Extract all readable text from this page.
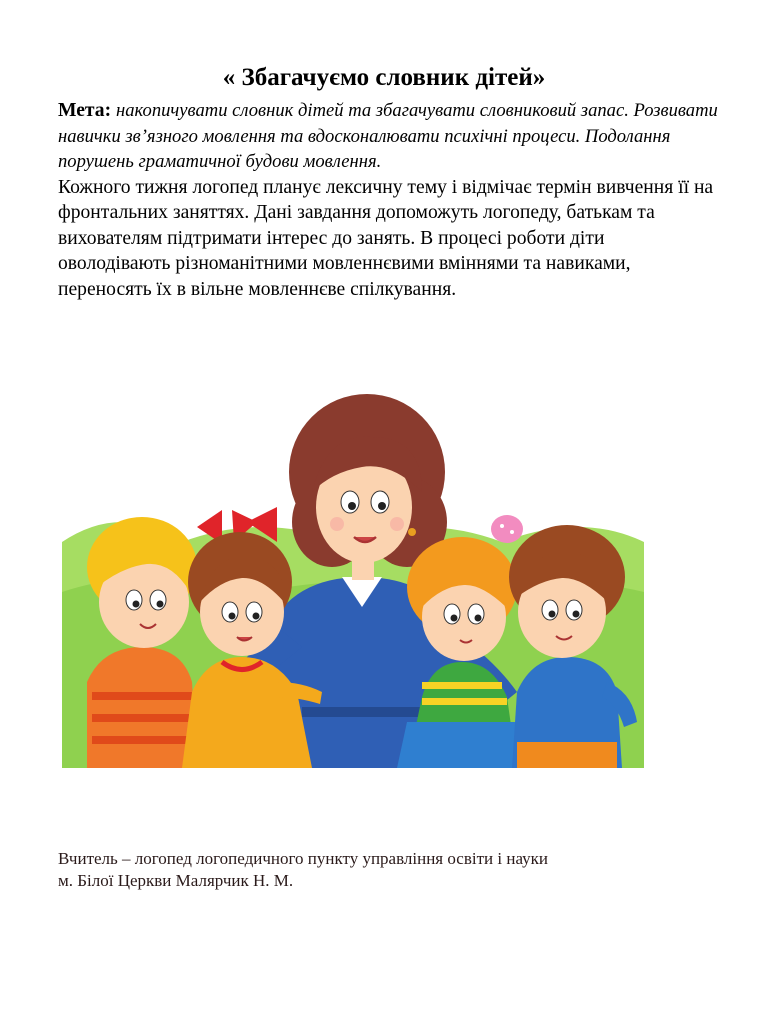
« Збагачуємо словник дітей»
Мета: накопичувати словник дітей та збагачувати словниковий запас. Розвивати навички зв’язного мовлення та вдосконалювати психічні процеси. Подолання порушень граматичної будови мовлення.
Кожного тижня логопед планує лексичну тему і відмічає термін вивчення її на фронтальних заняттях. Дані завдання допоможуть логопеду, батькам та вихователям підтримати інтерес до занять. В процесі роботи діти оволодівають різноманітними мовленнєвими вміннями та навиками, переносять їх в вільне мовленнєве спілкування.
Вчитель – логопед логопедичного пункту управління освіти і науки
м. Білої Церкви Малярчик Н. М.
